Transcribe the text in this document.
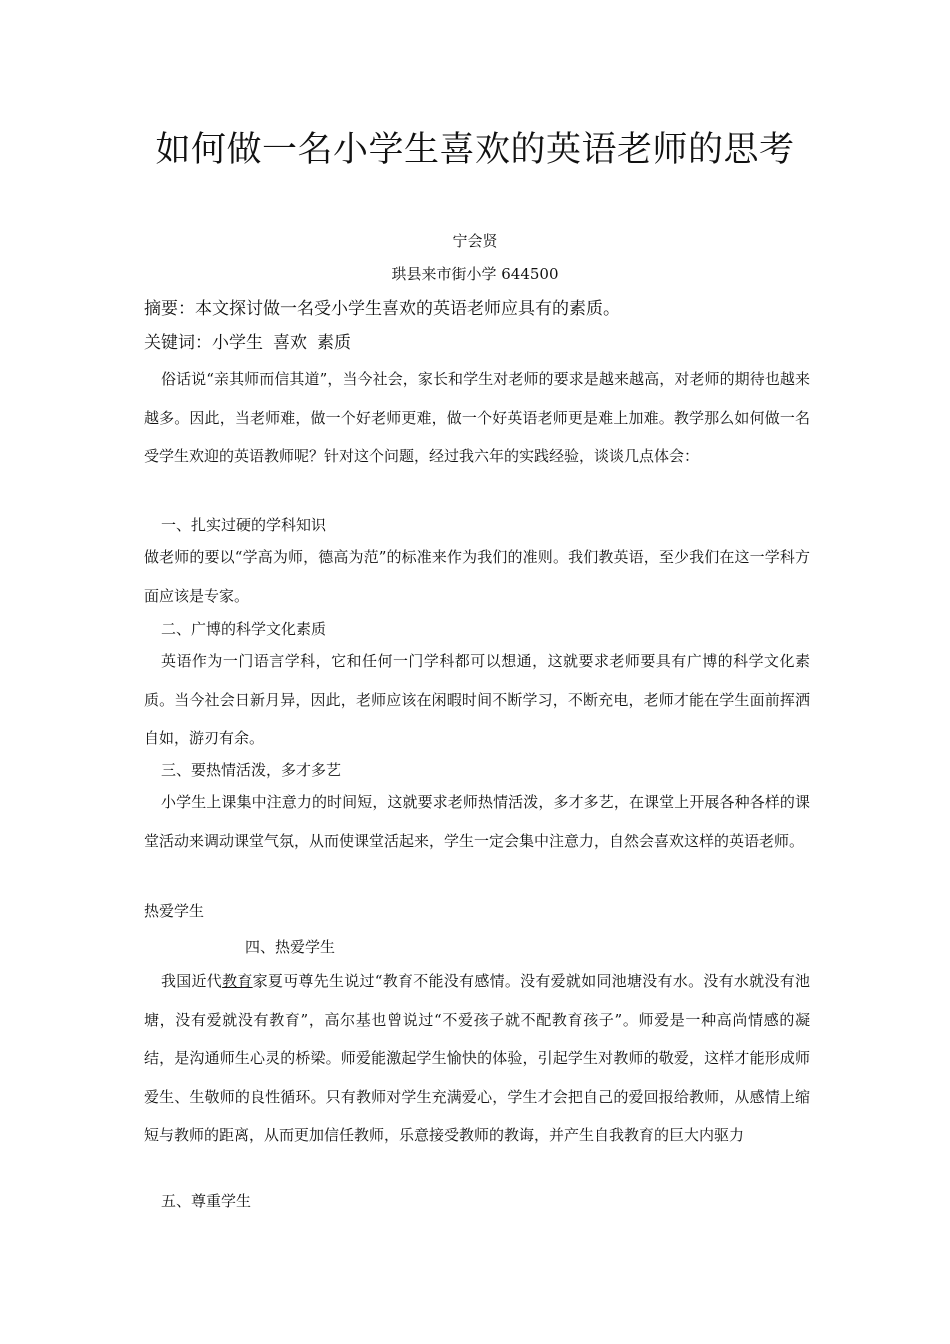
如何做一名小学生喜欢的英语老师的思考
宁会贤
珙县来市街小学 644500
摘要：本文探讨做一名受小学生喜欢的英语老师应具有的素质。
关键词：小学生 喜欢 素质

俗话说“亲其师而信其道”，当今社会，家长和学生对老师的要求是越来越高，对老师的期待也越来越多。因此，当老师难，做一个好老师更难，做一个好英语老师更是难上加难。教学那么如何做一名受学生欢迎的英语教师呢？针对这个问题，经过我六年的实践经验，谈谈几点体会：

一、扎实过硬的学科知识

做老师的要以“学高为师，德高为范”的标准来作为我们的准则。我们教英语，至少我们在这一学科方面应该是专家。

二、广博的科学文化素质

英语作为一门语言学科，它和任何一门学科都可以想通，这就要求老师要具有广博的科学文化素质。当今社会日新月异，因此，老师应该在闲暇时间不断学习，不断充电，老师才能在学生面前挥洒自如，游刃有余。

三、要热情活泼，多才多艺

小学生上课集中注意力的时间短，这就要求老师热情活泼，多才多艺，在课堂上开展各种各样的课堂活动来调动课堂气氛，从而使课堂活起来，学生一定会集中注意力，自然会喜欢这样的英语老师。

热爱学生
四、热爱学生

我国近代教育家夏丏尊先生说过“教育不能没有感情。没有爱就如同池塘没有水。没有水就没有池塘，没有爱就没有教育”，高尔基也曾说过“不爱孩子就不配教育孩子”。师爱是一种高尚情感的凝结，是沟通师生心灵的桥梁。师爱能激起学生愉快的体验，引起学生对教师的敬爱，这样才能形成师爱生、生敬师的良性循环。只有教师对学生充满爱心，学生才会把自己的爱回报给教师，从感情上缩短与教师的距离，从而更加信任教师，乐意接受教师的教诲，并产生自我教育的巨大内驱力

五、尊重学生
